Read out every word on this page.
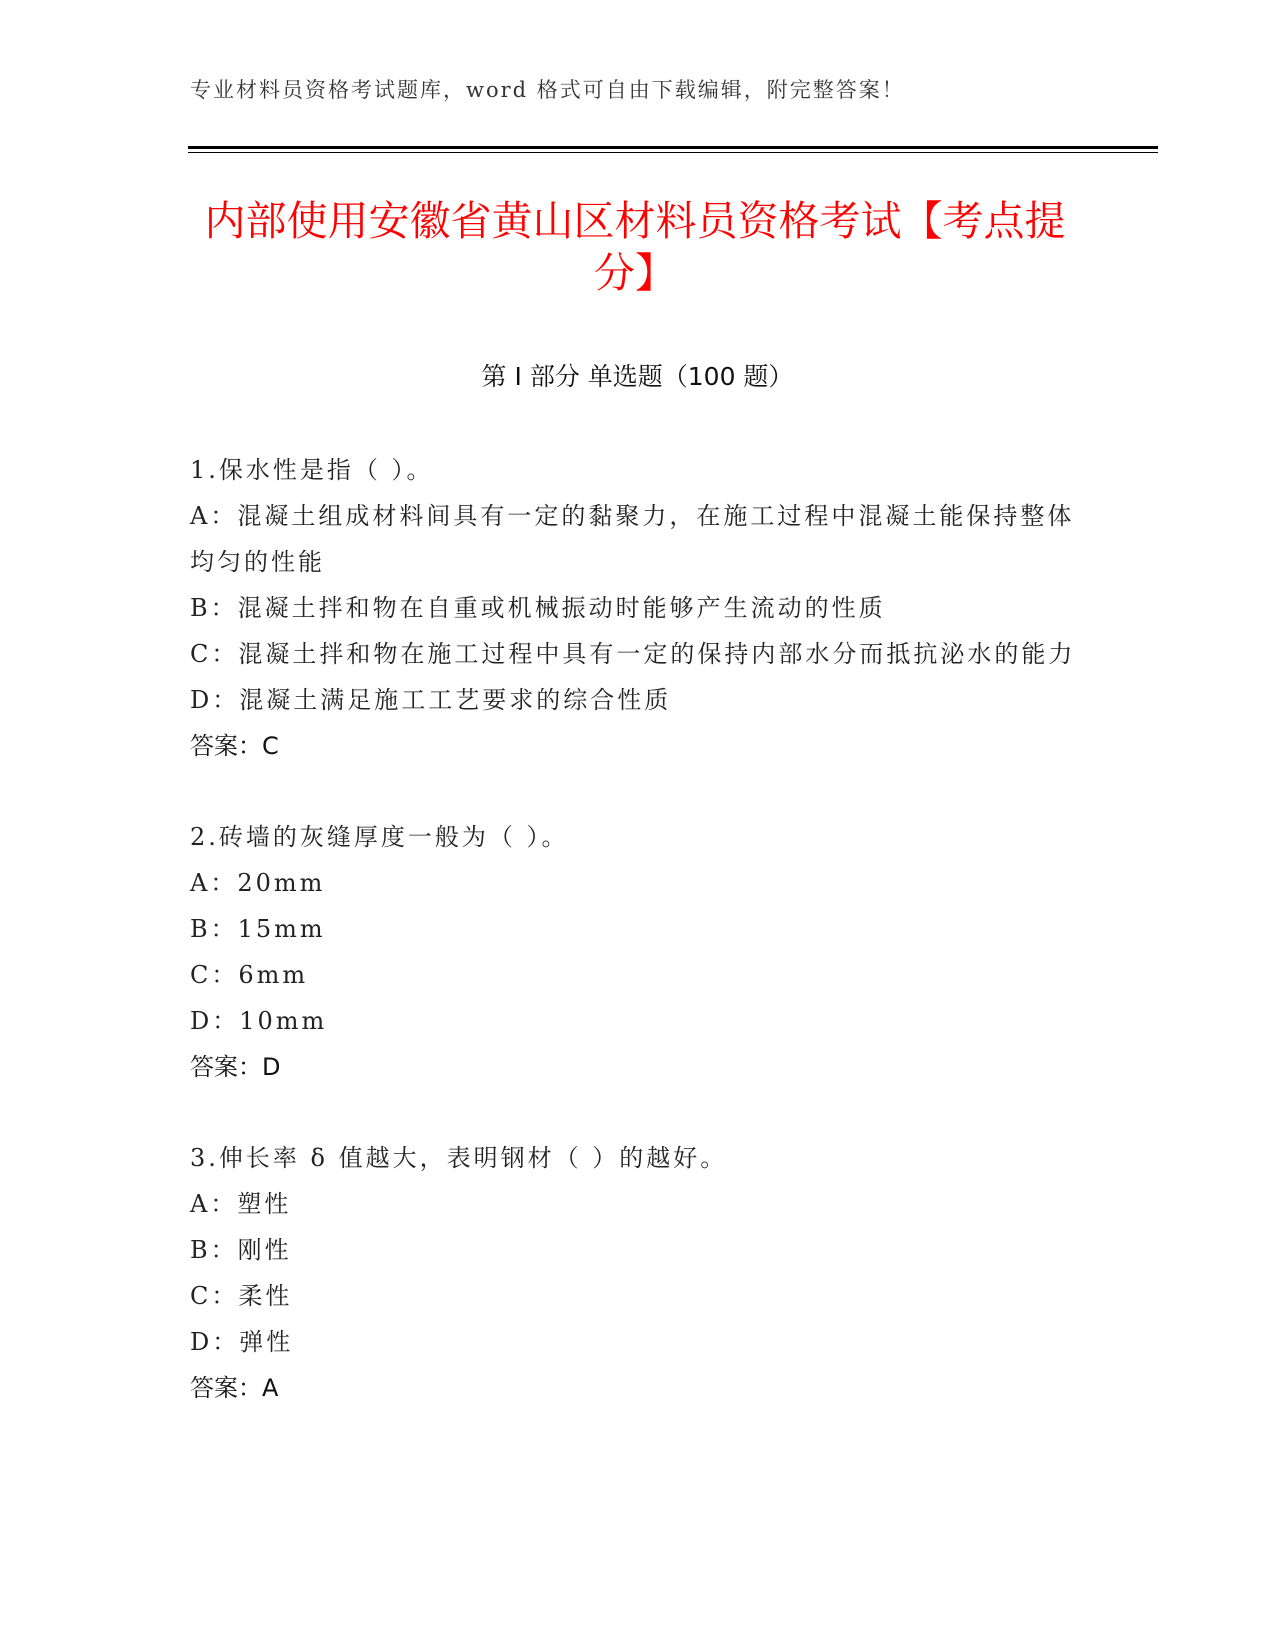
专业材料员资格考试题库，word 格式可自由下载编辑，附完整答案！
内部使用安徽省黄山区材料员资格考试【考点提分】
第 I 部分 单选题（100 题）
1.保水性是指（ ）。
A：混凝土组成材料间具有一定的黏聚力，在施工过程中混凝土能保持整体均匀的性能
B：混凝土拌和物在自重或机械振动时能够产生流动的性质
C：混凝土拌和物在施工过程中具有一定的保持内部水分而抵抗泌水的能力
D：混凝土满足施工工艺要求的综合性质
答案：C
2.砖墙的灰缝厚度一般为（ ）。
A：20mm
B：15mm
C：6mm
D：10mm
答案：D
3.伸长率 δ 值越大，表明钢材（ ）的越好。
A：塑性
B：刚性
C：柔性
D：弹性
答案：A
